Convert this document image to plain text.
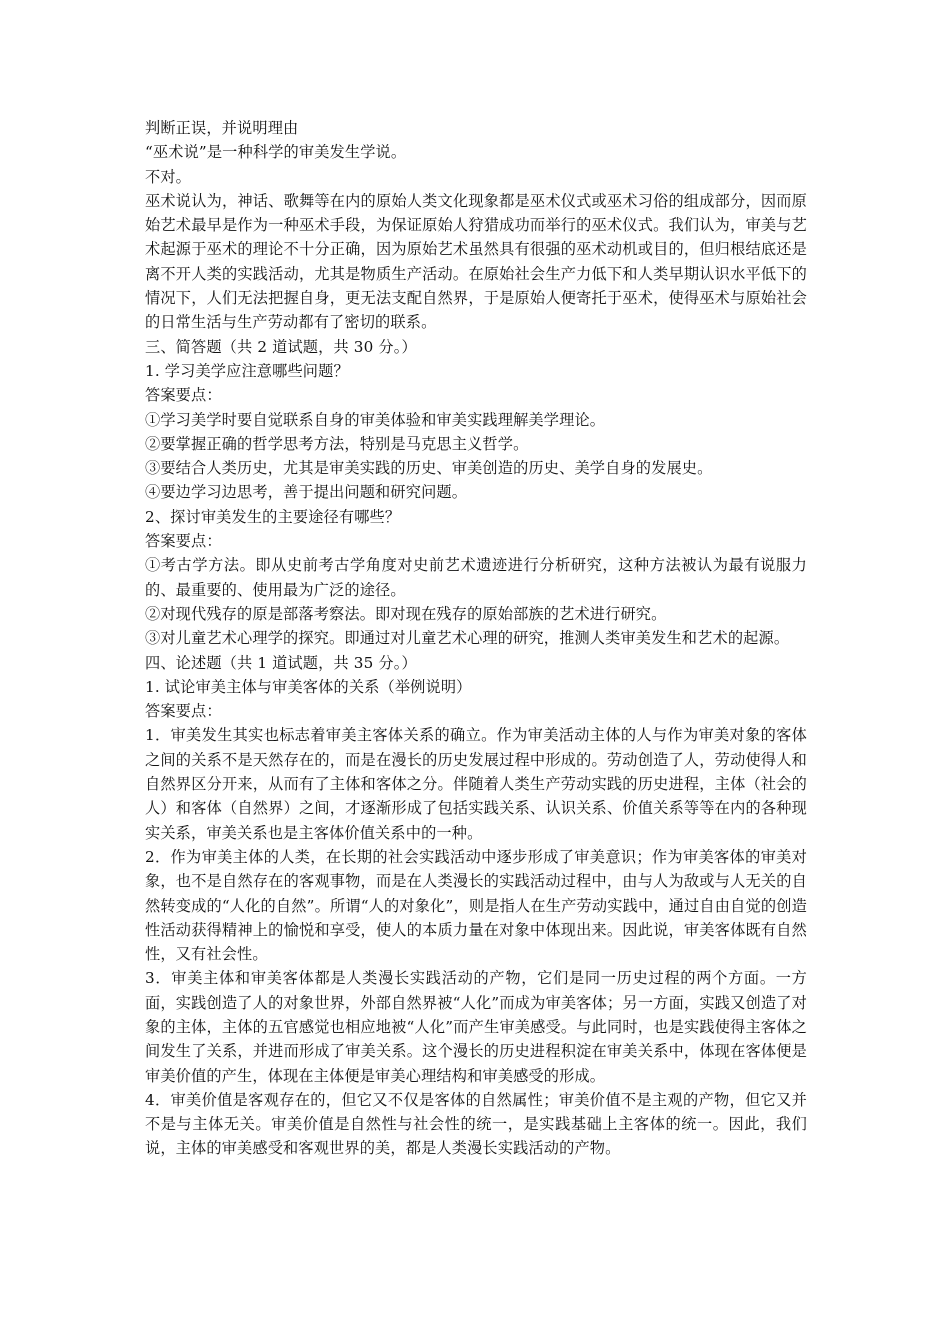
判断正误，并说明理由

“巫术说”是一种科学的审美发生学说。

不对。

巫术说认为，神话、歌舞等在内的原始人类文化现象都是巫术仪式或巫术习俗的组成部分，因而原始艺术最早是作为一种巫术手段，为保证原始人狩猎成功而举行的巫术仪式。我们认为，审美与艺术起源于巫术的理论不十分正确，因为原始艺术虽然具有很强的巫术动机或目的，但归根结底还是离不开人类的实践活动，尤其是物质生产活动。在原始社会生产力低下和人类早期认识水平低下的情况下，人们无法把握自身，更无法支配自然界，于是原始人便寄托于巫术，使得巫术与原始社会的日常生活与生产劳动都有了密切的联系。

三、简答题（共 2 道试题，共 30 分。）

1. 学习美学应注意哪些问题？

答案要点：

①学习美学时要自觉联系自身的审美体验和审美实践理解美学理论。

②要掌握正确的哲学思考方法，特别是马克思主义哲学。

③要结合人类历史，尤其是审美实践的历史、审美创造的历史、美学自身的发展史。

④要边学习边思考，善于提出问题和研究问题。

2、探讨审美发生的主要途径有哪些？

答案要点：

①考古学方法。即从史前考古学角度对史前艺术遗迹进行分析研究，这种方法被认为最有说服力的、最重要的、使用最为广泛的途径。

②对现代残存的原是部落考察法。即对现在残存的原始部族的艺术进行研究。

③对儿童艺术心理学的探究。即通过对儿童艺术心理的研究，推测人类审美发生和艺术的起源。

四、论述题（共 1 道试题，共 35 分。）

1. 试论审美主体与审美客体的关系（举例说明）

答案要点：

1．审美发生其实也标志着审美主客体关系的确立。作为审美活动主体的人与作为审美对象的客体之间的关系不是天然存在的，而是在漫长的历史发展过程中形成的。劳动创造了人，劳动使得人和自然界区分开来，从而有了主体和客体之分。伴随着人类生产劳动实践的历史进程，主体（社会的人）和客体（自然界）之间，才逐渐形成了包括实践关系、认识关系、价值关系等等在内的各种现实关系，审美关系也是主客体价值关系中的一种。

2．作为审美主体的人类，在长期的社会实践活动中逐步形成了审美意识；作为审美客体的审美对象，也不是自然存在的客观事物，而是在人类漫长的实践活动过程中，由与人为敌或与人无关的自然转变成的“人化的自然”。所谓“人的对象化”，则是指人在生产劳动实践中，通过自由自觉的创造性活动获得精神上的愉悦和享受，使人的本质力量在对象中体现出来。因此说，审美客体既有自然性，又有社会性。

3．审美主体和审美客体都是人类漫长实践活动的产物，它们是同一历史过程的两个方面。一方面，实践创造了人的对象世界，外部自然界被“人化”而成为审美客体；另一方面，实践又创造了对象的主体，主体的五官感觉也相应地被“人化”而产生审美感受。与此同时，也是实践使得主客体之间发生了关系，并进而形成了审美关系。这个漫长的历史进程积淀在审美关系中，体现在客体便是审美价值的产生，体现在主体便是审美心理结构和审美感受的形成。

4．审美价值是客观存在的，但它又不仅是客体的自然属性；审美价值不是主观的产物，但它又并不是与主体无关。审美价值是自然性与社会性的统一，是实践基础上主客体的统一。因此，我们说，主体的审美感受和客观世界的美，都是人类漫长实践活动的产物。
